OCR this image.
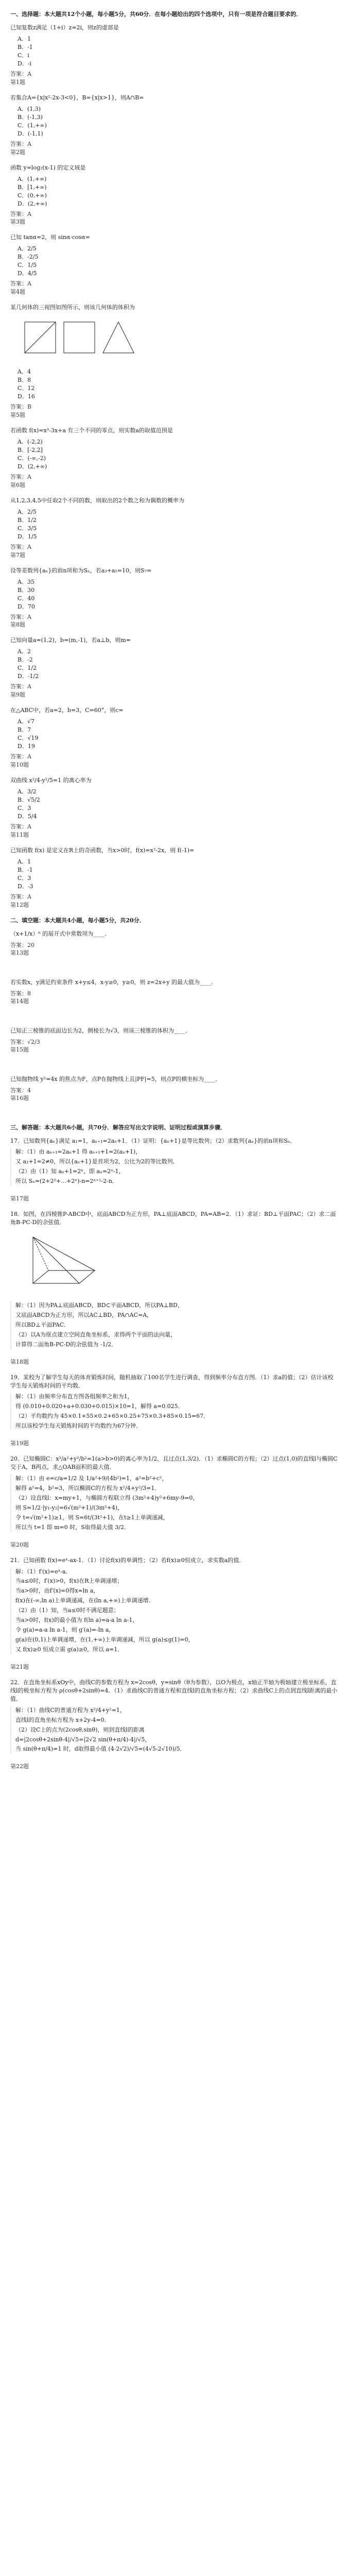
一、选择题：本大题共12个小题，每小题5分，共60分．在每小题给出的四个选项中，只有一项是符合题目要求的．
已知复数z满足（1+i）z=2i，则z的虚部是
A．1
B．-1
C．i
D．-i
答案：A
第1题
若集合A={x|x²-2x-3<0}，B={x|x>1}，则A∩B=
A．(1,3)
B．(-1,3)
C．(1,+∞)
D．(-1,1)
答案：A
第2题
函数 y=log₂(x-1) 的定义域是
A．(1,+∞)
B．[1,+∞)
C．(0,+∞)
D．(2,+∞)
答案：A
第3题
已知 tanα=2，则 sinα·cosα=
A．2/5
B．-2/5
C．1/5
D．4/5
答案：A
第4题
某几何体的三视图如图所示，则该几何体的体积为
A．4
B．8
C．12
D．16
答案：B
第5题
若函数 f(x)=x³-3x+a 有三个不同的零点，则实数a的取值范围是
A．(-2,2)
B．[-2,2]
C．(-∞,-2)
D．(2,+∞)
答案：A
第6题
从1,2,3,4,5中任取2个不同的数，则取出的2个数之和为偶数的概率为
A．2/5
B．1/2
C．3/5
D．1/5
答案：A
第7题
设等差数列{aₙ}的前n项和为Sₙ，若a₃+a₅=10，则S₇=
A．35
B．30
C．40
D．70
答案：A
第8题
已知向量a=(1,2)，b=(m,-1)，若a⊥b，则m=
A．2
B．-2
C．1/2
D．-1/2
答案：A
第9题
在△ABC中，若a=2，b=3，C=60°，则c=
A．√7
B．7
C．√19
D．19
答案：A
第10题
双曲线 x²/4-y²/5=1 的离心率为
A．3/2
B．√5/2
C．3
D．5/4
答案：A
第11题
已知函数 f(x) 是定义在R上的奇函数，当x>0时，f(x)=x²-2x，则 f(-1)=
A．1
B．-1
C．3
D．-3
答案：A
第12题
二、填空题：本大题共4小题，每小题5分，共20分．
（x+1/x）⁶ 的展开式中常数项为____．
答案：20
第13题
若实数x，y满足约束条件 x+y≤4，x-y≥0，y≥0，则 z=2x+y 的最大值为____．
答案：8
第14题
已知正三棱锥的底面边长为2，侧棱长为√3，则该三棱锥的体积为____．
答案：√2/3
第15题
已知抛物线 y²=4x 的焦点为F，点P在抛物线上且|PF|=5，则点P的横坐标为____．
答案：4
第16题
三、解答题：本大题共6小题，共70分．解答应写出文字说明、证明过程或演算步骤．
17．已知数列{aₙ}满足 a₁=1，aₙ₊₁=2aₙ+1．（1）证明：{aₙ+1}是等比数列；（2）求数列{aₙ}的前n项和Sₙ．

解：（1）由 aₙ₊₁=2aₙ+1 得 aₙ₊₁+1=2(aₙ+1)，

又 a₁+1=2≠0，所以{aₙ+1}是首项为2，公比为2的等比数列．

（2）由（1）知 aₙ+1=2ⁿ，即 aₙ=2ⁿ-1，

所以 Sₙ=(2+2²+…+2ⁿ)-n=2ⁿ⁺¹-2-n．

第17题
18．如图，在四棱锥P-ABCD中，底面ABCD为正方形，PA⊥底面ABCD，PA=AB=2．（1）求证：BD⊥平面PAC；（2）求二面角B-PC-D的余弦值．

解：（1）因为PA⊥底面ABCD，BD⊂平面ABCD，所以PA⊥BD，

又底面ABCD为正方形，所以AC⊥BD，PA∩AC=A，

所以BD⊥平面PAC．

（2）以A为原点建立空间直角坐标系，求得两个平面的法向量，

计算得二面角B-PC-D的余弦值为 -1/2．

第18题
19．某校为了解学生每天的体育锻炼时间，随机抽取了100名学生进行调查，得到频率分布直方图．（1）求a的值；（2）估计该校学生每天锻炼时间的平均数．

解：（1）由频率分布直方图各组频率之和为1，

得 (0.010+0.020+a+0.030+0.015)×10=1，解得 a=0.025．

（2）平均数约为 45×0.1+55×0.2+65×0.25+75×0.3+85×0.15=67．

所以该校学生每天锻炼时间的平均数约为67分钟．

第19题
20．已知椭圆C：x²/a²+y²/b²=1(a>b>0)的离心率为1/2，且过点(1,3/2)．（1）求椭圆C的方程；（2）过点(1,0)的直线l与椭圆C交于A，B两点，求△OAB面积的最大值．

解：（1）由 e=c/a=1/2 及 1/a²+9/(4b²)=1，a²=b²+c²，

解得 a²=4，b²=3，所以椭圆C的方程为 x²/4+y²/3=1．

（2）设直线l：x=my+1，与椭圆方程联立得 (3m²+4)y²+6my-9=0，

则 S=1/2·|y₁-y₂|=6√(m²+1)/(3m²+4)，

令 t=√(m²+1)≥1，则 S=6t/(3t²+1)，在t≥1上单调递减，

所以当 t=1 即 m=0 时，S取得最大值 3/2．

第20题
21．已知函数 f(x)=eˣ-ax-1．（1）讨论f(x)的单调性；（2）若f(x)≥0恒成立，求实数a的值．

解：（1）f′(x)=eˣ-a．

当a≤0时，f′(x)>0，f(x)在R上单调递增；

当a>0时，由f′(x)=0得x=ln a，

f(x)在(-∞,ln a)上单调递减，在(ln a,+∞)上单调递增．

（2）由（1）知，当a≤0时不满足题意；

当a>0时，f(x)的最小值为 f(ln a)=a-a ln a-1，

令 g(a)=a-a ln a-1，则 g′(a)=-ln a，

g(a)在(0,1)上单调递增，在(1,+∞)上单调递减，所以 g(a)≤g(1)=0，

又 f(x)≥0 恒成立需 g(a)≥0，所以 a=1．

第21题
22．在直角坐标系xOy中，曲线C的参数方程为 x=2cosθ，y=sinθ（θ为参数），以O为极点，x轴正半轴为极轴建立极坐标系，直线l的极坐标方程为 ρ(cosθ+2sinθ)=4．（1）求曲线C的普通方程和直线l的直角坐标方程；（2）求曲线C上的点到直线l距离的最小值．

解：（1）曲线C的普通方程为 x²/4+y²=1，

直线l的直角坐标方程为 x+2y-4=0．

（2）设C上的点为(2cosθ,sinθ)，则到直线l的距离

d=|2cosθ+2sinθ-4|/√5=|2√2 sin(θ+π/4)-4|/√5，

当 sin(θ+π/4)=1 时，d取得最小值 (4-2√2)/√5=(4√5-2√10)/5．

第22题
